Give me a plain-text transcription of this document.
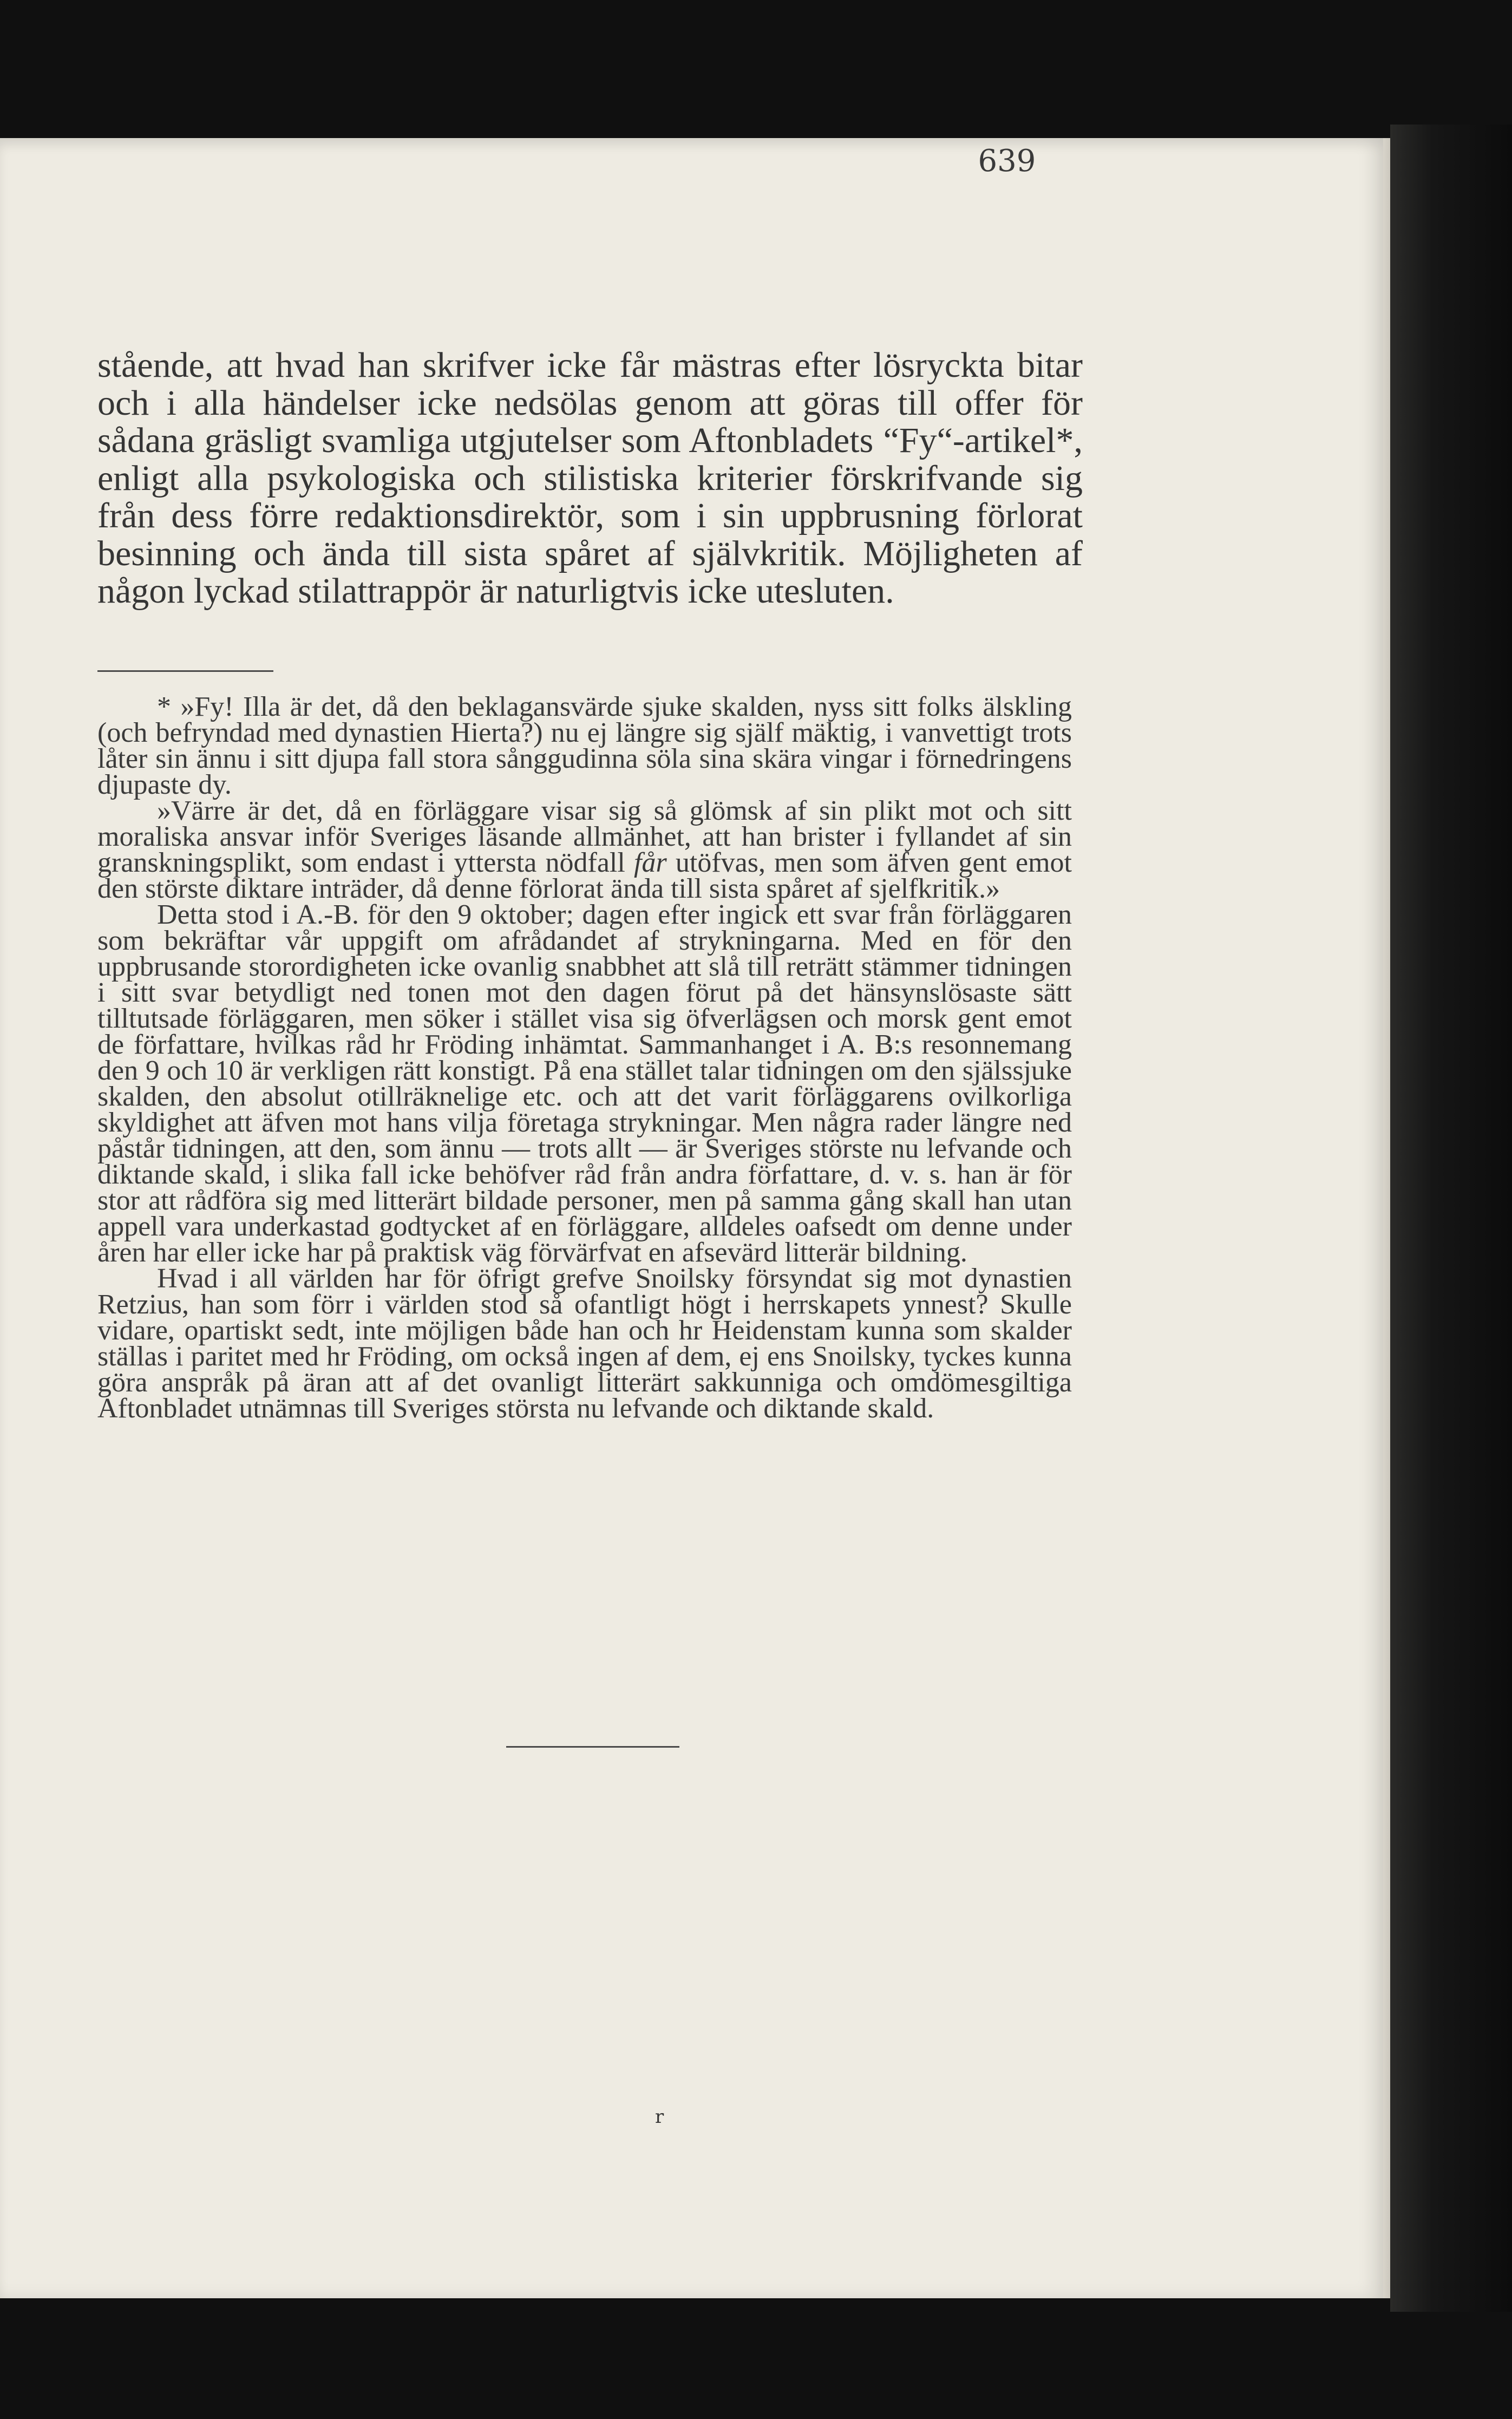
639

stående, att hvad han skrifver icke får mästras efter lösryckta bitar och i alla händelser icke nedsölas genom att göras till offer för sådana gräsligt svamliga utgjutelser som Aftonbladets “Fy“-artikel*, enligt alla psykologiska och stilistiska kriterier förskrifvande sig från dess förre redaktionsdirektör, som i sin uppbrusning förlorat besinning och ända till sista spåret af självkritik. Möjligheten af någon lyckad stilattrappör är naturligtvis icke utesluten.

* »Fy! Illa är det, då den beklagansvärde sjuke skalden, nyss sitt folks älskling (och befryndad med dynastien Hierta?) nu ej längre sig själf mäktig, i vanvettigt trots låter sin ännu i sitt djupa fall stora sånggudinna söla sina skära vingar i förnedringens djupaste dy.

»Värre är det, då en förläggare visar sig så glömsk af sin plikt mot och sitt moraliska ansvar inför Sveriges läsande allmänhet, att han brister i fyllandet af sin granskningsplikt, som endast i yttersta nödfall får utöfvas, men som äfven gent emot den störste diktare inträder, då denne förlorat ända till sista spåret af sjelfkritik.»

Detta stod i A.-B. för den 9 oktober; dagen efter ingick ett svar från förläggaren som bekräftar vår uppgift om afrådandet af strykningarna. Med en för den uppbrusande storordigheten icke ovanlig snabbhet att slå till reträtt stämmer tidningen i sitt svar betydligt ned tonen mot den dagen förut på det hänsynslösaste sätt tilltutsade förläggaren, men söker i stället visa sig öfverlägsen och morsk gent emot de författare, hvilkas råd hr Fröding inhämtat. Sammanhanget i A. B:s resonnemang den 9 och 10 är verkligen rätt konstigt. På ena stället talar tidningen om den själssjuke skalden, den absolut otillräknelige etc. och att det varit förläggarens ovilkorliga skyldighet att äfven mot hans vilja företaga strykningar. Men några rader längre ned påstår tidningen, att den, som ännu — trots allt — är Sveriges störste nu lefvande och diktande skald, i slika fall icke behöfver råd från andra författare, d. v. s. han är för stor att rådföra sig med litterärt bildade personer, men på samma gång skall han utan appell vara underkastad godtycket af en förläggare, alldeles oafsedt om denne under åren har eller icke har på praktisk väg förvärfvat en afsevärd litterär bildning.

Hvad i all världen har för öfrigt grefve Snoilsky försyndat sig mot dynastien Retzius, han som förr i världen stod så ofantligt högt i herrskapets ynnest? Skulle vidare, opartiskt sedt, inte möjligen både han och hr Heidenstam kunna som skalder ställas i paritet med hr Fröding, om också ingen af dem, ej ens Snoilsky, tyckes kunna göra anspråk på äran att af det ovanligt litterärt sakkunniga och omdömesgiltiga Aftonbladet utnämnas till Sveriges största nu lefvande och diktande skald.

r
